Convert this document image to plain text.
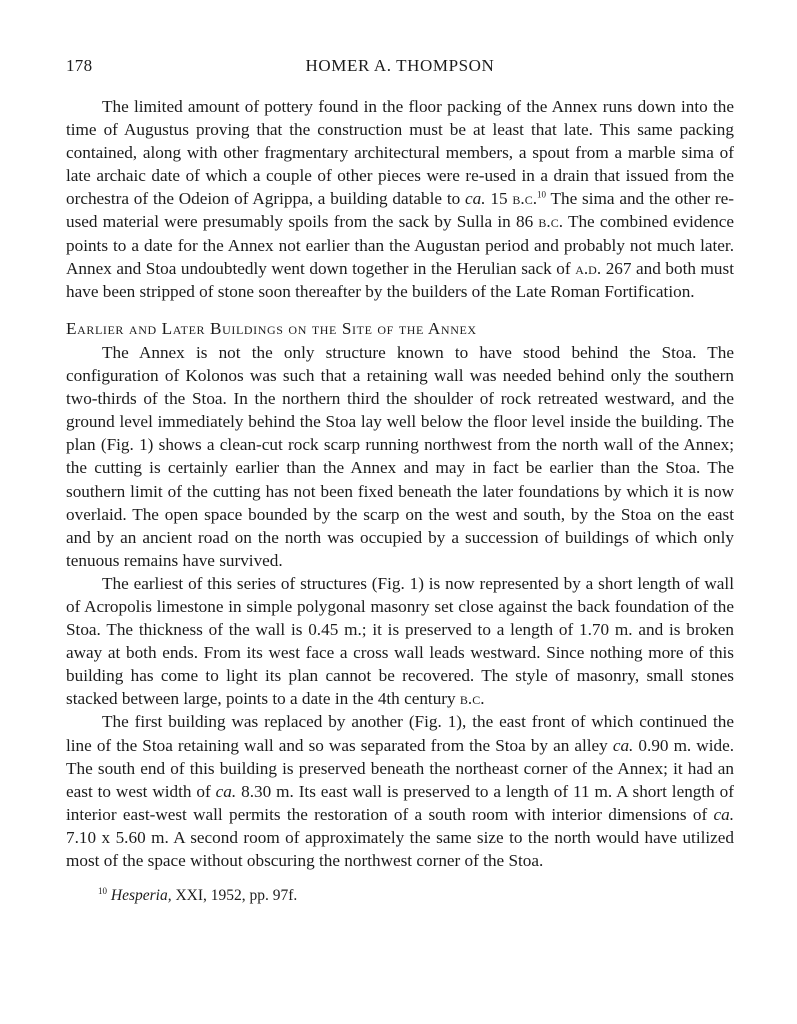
178	HOMER A. THOMPSON

The limited amount of pottery found in the floor packing of the Annex runs down into the time of Augustus proving that the construction must be at least that late. This same packing contained, along with other fragmentary architectural members, a spout from a marble sima of late archaic date of which a couple of other pieces were re-used in a drain that issued from the orchestra of the Odeion of Agrippa, a building datable to ca. 15 b.c.$^{10}$ The sima and the other re-used material were presumably spoils from the sack by Sulla in 86 b.c. The combined evidence points to a date for the Annex not earlier than the Augustan period and probably not much later. Annex and Stoa undoubtedly went down together in the Herulian sack of a.d. 267 and both must have been stripped of stone soon thereafter by the builders of the Late Roman Fortification.

Earlier and Later Buildings on the Site of the Annex

The Annex is not the only structure known to have stood behind the Stoa. The configuration of Kolonos was such that a retaining wall was needed behind only the southern two-thirds of the Stoa. In the northern third the shoulder of rock retreated westward, and the ground level immediately behind the Stoa lay well below the floor level inside the building. The plan (Fig. 1) shows a clean-cut rock scarp running northwest from the north wall of the Annex; the cutting is certainly earlier than the Annex and may in fact be earlier than the Stoa. The southern limit of the cutting has not been fixed beneath the later foundations by which it is now overlaid. The open space bounded by the scarp on the west and south, by the Stoa on the east and by an ancient road on the north was occupied by a succession of buildings of which only tenuous remains have survived.

The earliest of this series of structures (Fig. 1) is now represented by a short length of wall of Acropolis limestone in simple polygonal masonry set close against the back foundation of the Stoa. The thickness of the wall is 0.45 m.; it is preserved to a length of 1.70 m. and is broken away at both ends. From its west face a cross wall leads westward. Since nothing more of this building has come to light its plan cannot be recovered. The style of masonry, small stones stacked between large, points to a date in the 4th century b.c.

The first building was replaced by another (Fig. 1), the east front of which continued the line of the Stoa retaining wall and so was separated from the Stoa by an alley ca. 0.90 m. wide. The south end of this building is preserved beneath the northeast corner of the Annex; it had an east to west width of ca. 8.30 m. Its east wall is preserved to a length of 11 m. A short length of interior east-west wall permits the restoration of a south room with interior dimensions of ca. 7.10 x 5.60 m. A second room of approximately the same size to the north would have utilized most of the space without obscuring the northwest corner of the Stoa.

$^{10}$ Hesperia, XXI, 1952, pp. 97f.
